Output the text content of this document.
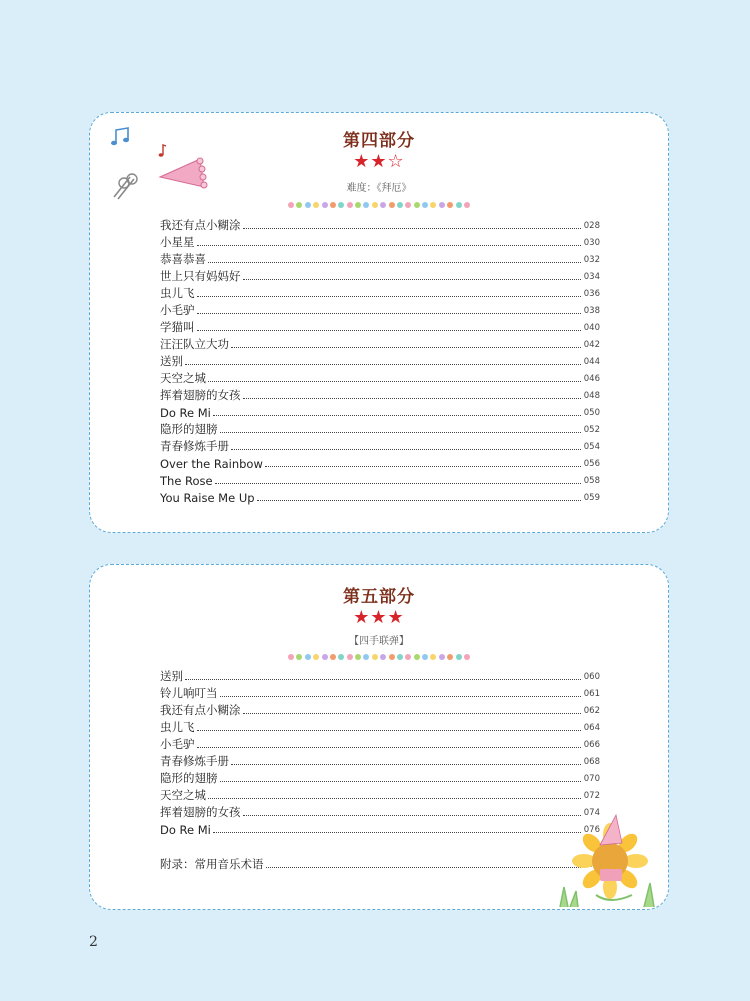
第四部分
★★☆
难度：《拜厄》
我还有点小糊涂	028
小星星	030
恭喜恭喜	032
世上只有妈妈好	034
虫儿飞	036
小毛驴	038
学猫叫	040
汪汪队立大功	042
送别	044
天空之城	046
挥着翅膀的女孩	048
Do Re Mi	050
隐形的翅膀	052
青春修炼手册	054
Over the Rainbow	056
The Rose	058
You Raise Me Up	059
第五部分
★★★
【四手联弹】
送别	060
铃儿响叮当	061
我还有点小糊涂	062
虫儿飞	064
小毛驴	066
青春修炼手册	068
隐形的翅膀	070
天空之城	072
挥着翅膀的女孩	074
Do Re Mi	076
附录：常用音乐术语
2
